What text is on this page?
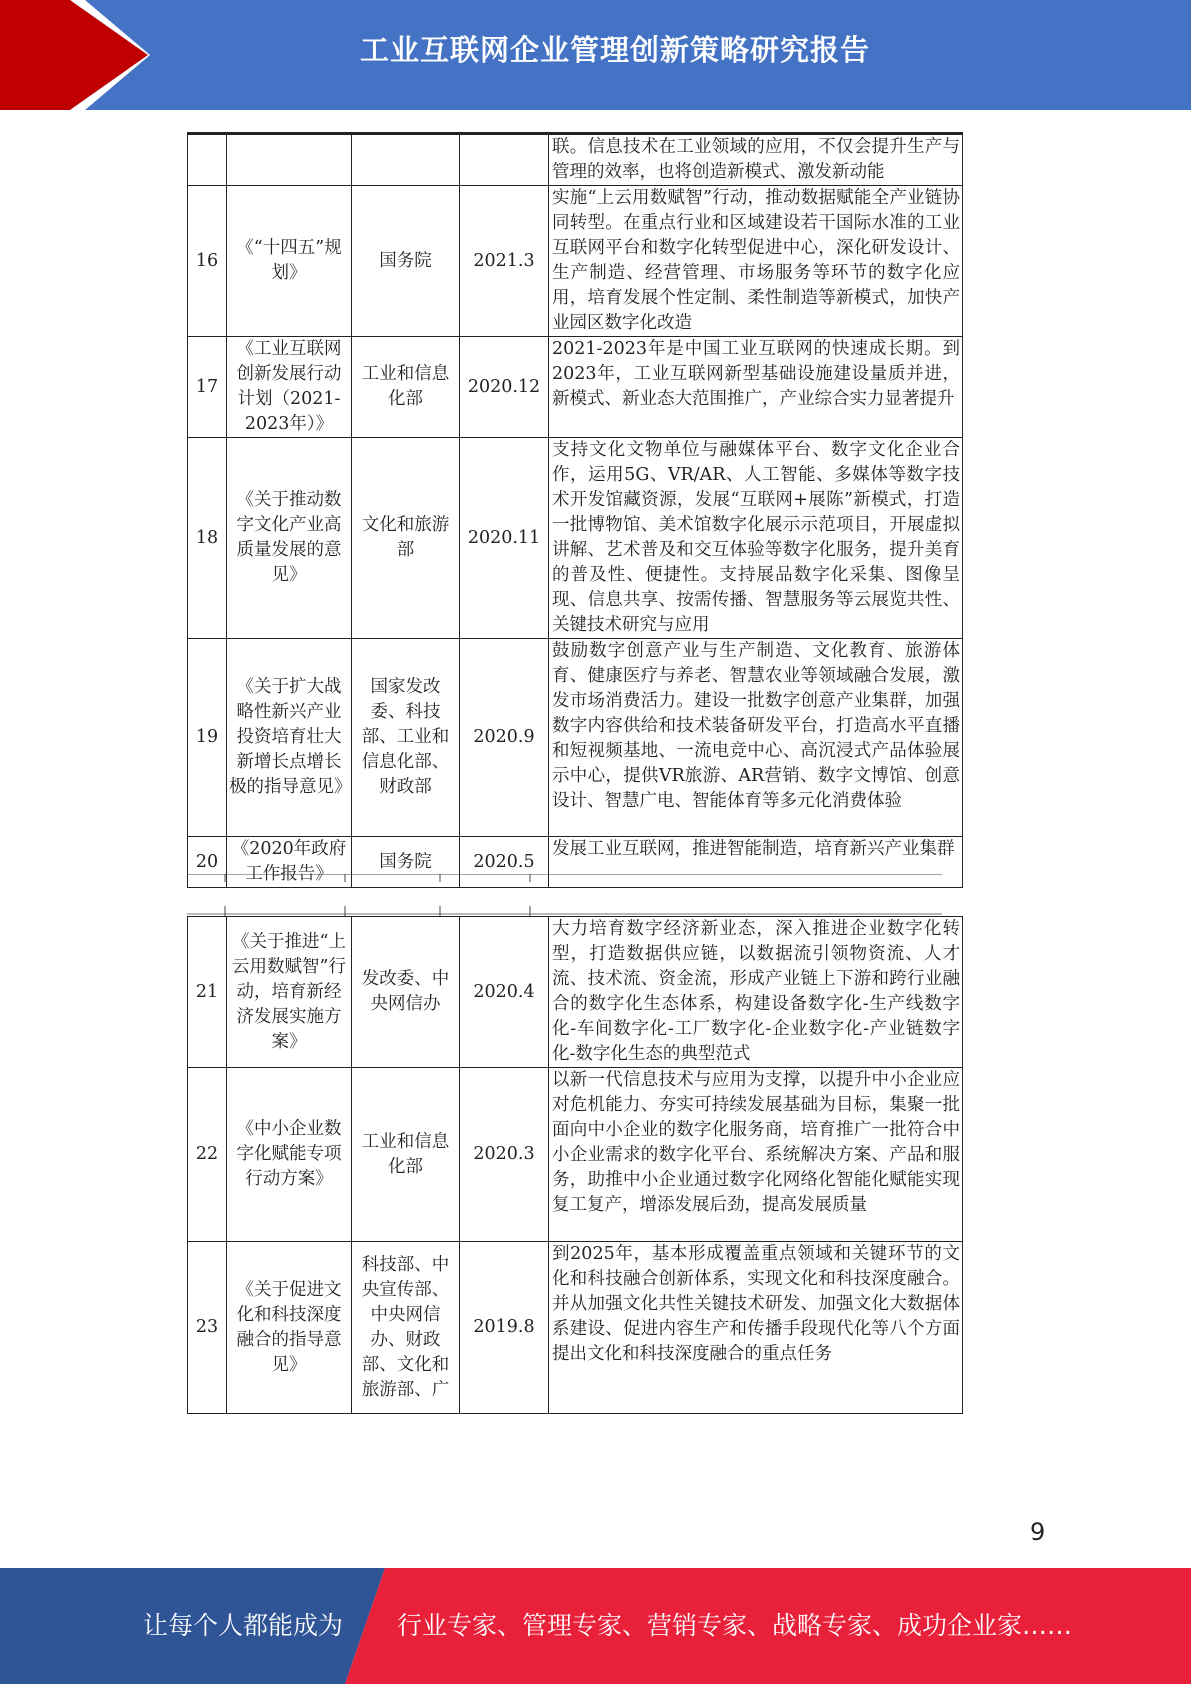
工业互联网企业管理创新策略研究报告
				联。信息技术在工业领域的应用，不仅会提升生产与管理的效率，也将创造新模式、激发新动能
16	《“十四五”规划》	国务院	2021.3	实施“上云用数赋智”行动，推动数据赋能全产业链协同转型。在重点行业和区域建设若干国际水准的工业互联网平台和数字化转型促进中心，深化研发设计、生产制造、经营管理、市场服务等环节的数字化应用，培育发展个性定制、柔性制造等新模式，加快产业园区数字化改造
17	《工业互联网创新发展行动计划（2021-2023年）》	工业和信息化部	2020.12	2021-2023年是中国工业互联网的快速成长期。到2023年，工业互联网新型基础设施建设量质并进，新模式、新业态大范围推广，产业综合实力显著提升
18	《关于推动数字文化产业高质量发展的意见》	文化和旅游部	2020.11	支持文化文物单位与融媒体平台、数字文化企业合作，运用5G、VR/AR、人工智能、多媒体等数字技术开发馆藏资源，发展“互联网+展陈”新模式，打造一批博物馆、美术馆数字化展示示范项目，开展虚拟讲解、艺术普及和交互体验等数字化服务，提升美育的普及性、便捷性。支持展品数字化采集、图像呈现、信息共享、按需传播、智慧服务等云展览共性、关键技术研究与应用
19	《关于扩大战略性新兴产业投资培育壮大新增长点增长极的指导意见》	国家发改委、科技部、工业和信息化部、财政部	2020.9	鼓励数字创意产业与生产制造、文化教育、旅游体育、健康医疗与养老、智慧农业等领域融合发展，激发市场消费活力。建设一批数字创意产业集群，加强数字内容供给和技术装备研发平台，打造高水平直播和短视频基地、一流电竞中心、高沉浸式产品体验展示中心，提供VR旅游、AR营销、数字文博馆、创意设计、智慧广电、智能体育等多元化消费体验
20	《2020年政府工作报告》	国务院	2020.5	发展工业互联网，推进智能制造，培育新兴产业集群
21	《关于推进“上云用数赋智”行动，培育新经济发展实施方案》	发改委、中央网信办	2020.4	大力培育数字经济新业态，深入推进企业数字化转型，打造数据供应链，以数据流引领物资流、人才流、技术流、资金流，形成产业链上下游和跨行业融合的数字化生态体系，构建设备数字化-生产线数字化-车间数字化-工厂数字化-企业数字化-产业链数字化-数字化生态的典型范式
22	《中小企业数字化赋能专项行动方案》	工业和信息化部	2020.3	以新一代信息技术与应用为支撑，以提升中小企业应对危机能力、夯实可持续发展基础为目标，集聚一批面向中小企业的数字化服务商，培育推广一批符合中小企业需求的数字化平台、系统解决方案、产品和服务，助推中小企业通过数字化网络化智能化赋能实现复工复产，增添发展后劲，提高发展质量
23	《关于促进文化和科技深度融合的指导意见》	科技部、中央宣传部、中央网信办、财政部、文化和旅游部、广	2019.8	到2025年，基本形成覆盖重点领域和关键环节的文化和科技融合创新体系，实现文化和科技深度融合。并从加强文化共性关键技术研发、加强文化大数据体系建设、促进内容生产和传播手段现代化等八个方面提出文化和科技深度融合的重点任务
9
让每个人都能成为 行业专家、管理专家、营销专家、战略专家、成功企业家……
